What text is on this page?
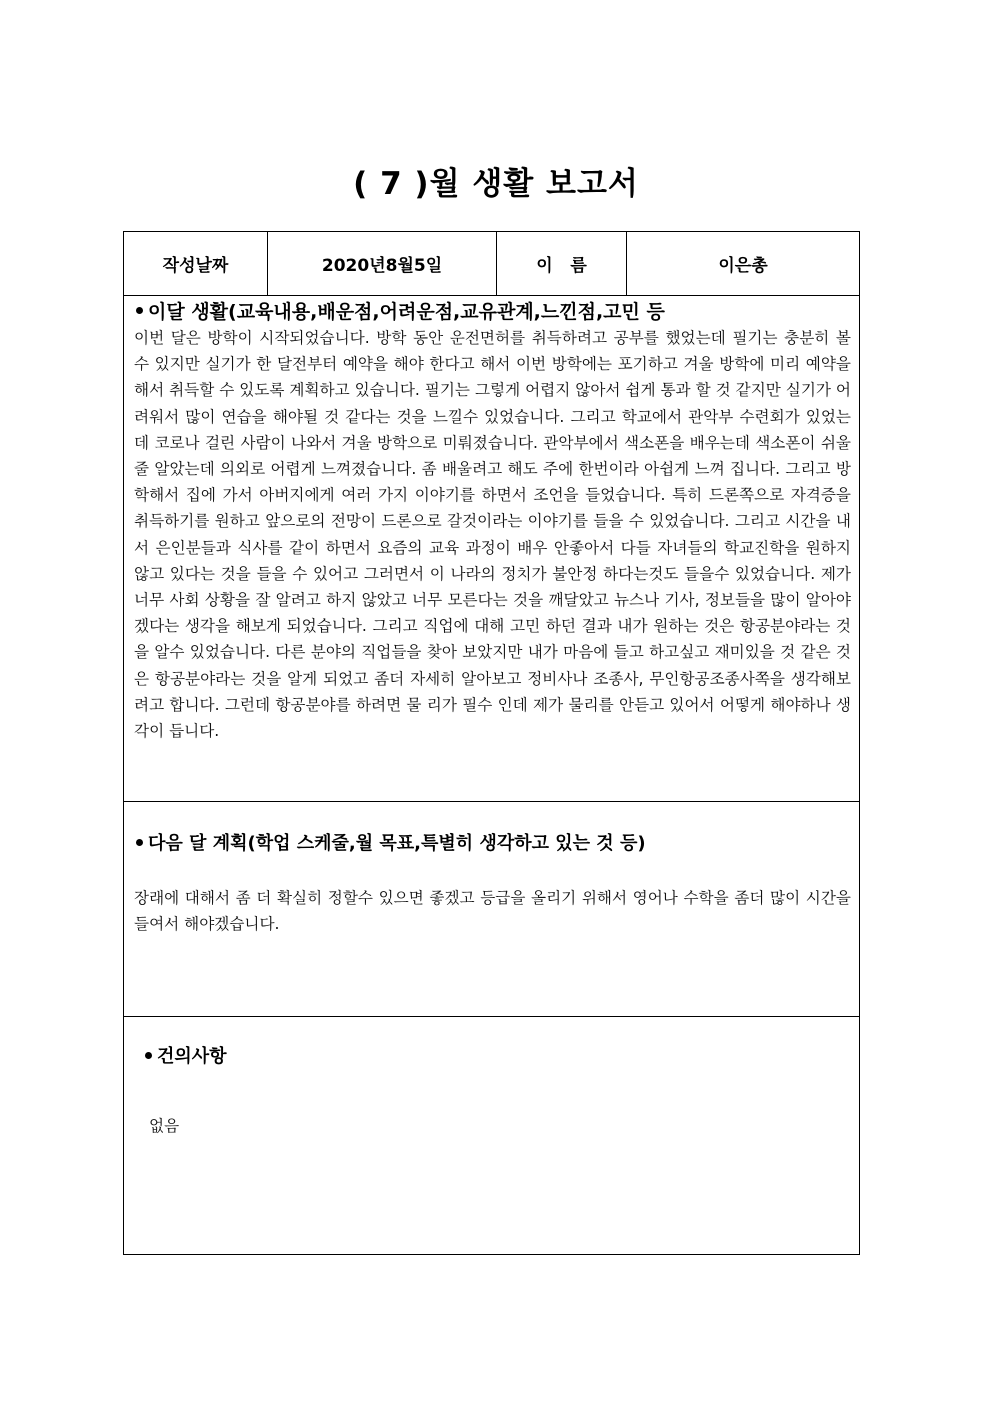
( 7 )월 생활 보고서
작성날짜	2020년8월5일	이   름	이은총
이달 생활(교육내용,배운점,어려운점,교유관계,느낀점,고민 등
이번 달은 방학이 시작되었습니다. 방학 동안 운전면허를 취득하려고 공부를 했었는데 필기는 충분히 볼 수 있지만 실기가 한 달전부터 예약을 해야 한다고 해서 이번 방학에는 포기하고 겨울 방학에 미리 예약을 해서 취득할 수 있도록 계획하고 있습니다. 필기는 그렇게 어렵지 않아서 쉽게 통과 할 것 같지만 실기가 어려워서 많이 연습을 해야될 것 같다는 것을 느낄수 있었습니다. 그리고 학교에서 관악부 수련회가 있었는데 코로나 걸린 사람이 나와서 겨울 방학으로 미뤄졌습니다. 관악부에서 색소폰을 배우는데 색소폰이 쉬울줄 알았는데 의외로 어렵게 느껴졌습니다. 좀 배울려고 해도 주에 한번이라 아쉽게 느껴 집니다. 그리고 방학해서 집에 가서 아버지에게 여러 가지 이야기를 하면서 조언을 들었습니다. 특히 드론쪽으로 자격증을 취득하기를 원하고 앞으로의 전망이 드론으로 갈것이라는 이야기를 들을 수 있었습니다. 그리고 시간을 내서 은인분들과 식사를 같이 하면서 요즘의 교육 과정이 배우 안좋아서 다들 자녀들의 학교진학을 원하지 않고 있다는 것을 들을 수 있어고 그러면서 이 나라의 정치가 불안정 하다는것도 들을수 있었습니다. 제가 너무 사회 상황을 잘 알려고 하지 않았고 너무 모른다는 것을 깨달았고 뉴스나 기사, 정보들을 많이 알아야겠다는 생각을 해보게 되었습니다. 그리고 직업에 대해 고민 하던 결과 내가 원하는 것은 항공분야라는 것을 알수 있었습니다. 다른 분야의 직업들을 찾아 보았지만 내가 마음에 들고 하고싶고 재미있을 것 같은 것은 항공분야라는 것을 알게 되었고 좀더 자세히 알아보고 정비사나 조종사, 무인항공조종사쪽을 생각해보려고 합니다. 그런데 항공분야를 하려면 물 리가 필수 인데 제가 물리를 안듣고 있어서 어떻게 해야하나 생각이 듭니다.
다음 달 계획(학업 스케줄,월 목표,특별히 생각하고 있는 것 등)
장래에 대해서 좀 더 확실히 정할수 있으면 좋겠고 등급을 올리기 위해서 영어나 수학을 좀더 많이 시간을 들여서 해야겠습니다.
건의사항
없음
